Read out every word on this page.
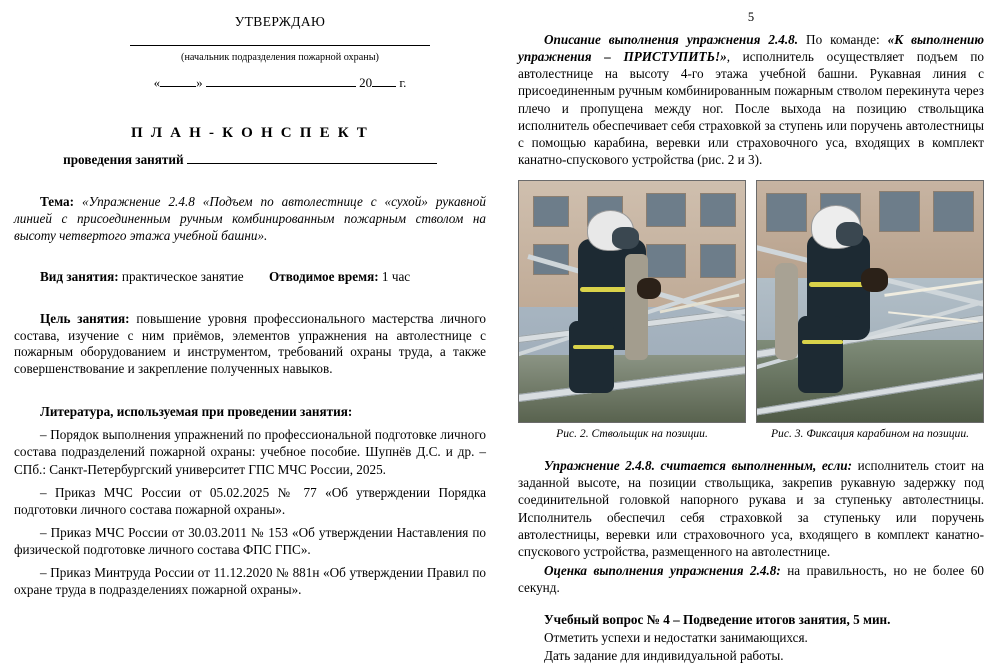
УТВЕРЖДАЮ
(начальник подразделения пожарной охраны)
«	»	20 г.
П Л А Н - К О Н С П Е К Т
проведения занятий
Тема: «Упражнение 2.4.8 «Подъем по автолестнице с «сухой» рукавной линией с присоединенным ручным комбинированным пожарным стволом на высоту четвертого этажа учебной башни».
Вид занятия: практическое занятие	Отводимое время: 1 час
Цель занятия: повышение уровня профессионального мастерства личного состава, изучение с ним приёмов, элементов упражнения на автолестнице с пожарным оборудованием и инструментом, требований охраны труда, а также совершенствование и закрепление полученных навыков.
Литература, используемая при проведении занятия:
– Порядок выполнения упражнений по профессиональной подготовке личного состава подразделений пожарной охраны: учебное пособие. Шупнёв Д.С. и др. –СПб.: Санкт-Петербургский университет ГПС МЧС России, 2025.
– Приказ МЧС России от 05.02.2025 № 77 «Об утверждении Порядка подготовки личного состава пожарной охраны».
– Приказ МЧС России от 30.03.2011 № 153 «Об утверждении Наставления по физической подготовке личного состава ФПС ГПС».
– Приказ Минтруда России от 11.12.2020 № 881н «Об утверждении Правил по охране труда в подразделениях пожарной охраны».
5
Описание выполнения упражнения 2.4.8. По команде: «К выполнению упражнения – ПРИСТУПИТЬ!», исполнитель осуществляет подъем по автолестнице на высоту 4-го этажа учебной башни. Рукавная линия с присоединенным ручным комбинированным пожарным стволом перекинута через плечо и пропущена между ног. После выхода на позицию ствольщика исполнитель обеспечивает себя страховкой за ступень или поручень автолестницы с помощью карабина, веревки или страховочного уса, входящих в комплект канатно-спускового устройства (рис. 2 и 3).
Рис. 2. Ствольщик на позиции.	Рис. 3. Фиксация карабином на позиции.
Упражнение 2.4.8. считается выполненным, если: исполнитель стоит на заданной высоте, на позиции ствольщика, закрепив рукавную задержку под соединительной головкой напорного рукава и за ступеньку автолестницы. Исполнитель обеспечил себя страховкой за ступеньку или поручень автолестницы, веревки или страховочного уса, входящего в комплект канатно-спускового устройства, размещенного на автолестнице.
Оценка выполнения упражнения 2.4.8: на правильность, но не более 60 секунд.
Учебный вопрос № 4 – Подведение итогов занятия, 5 мин.
Отметить успехи и недостатки занимающихся.
Дать задание для индивидуальной работы.
